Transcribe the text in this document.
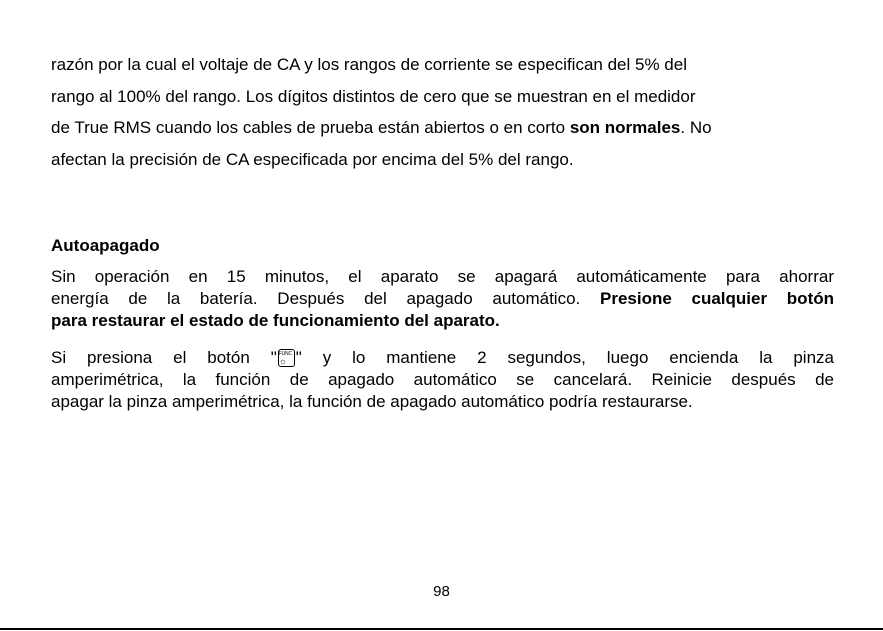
razón por la cual el voltaje de CA y los rangos de corriente se especifican del 5% del
rango al 100% del rango. Los dígitos distintos de cero que se muestran en el medidor
de True RMS cuando los cables de prueba están abiertos o en corto son normales. No
afectan la precisión de CA especificada por encima del 5% del rango.

Autoapagado

Sin operación en 15 minutos, el aparato se apagará automáticamente para ahorrar
energía de la batería. Después del apagado automático. Presione cualquier botón
para restaurar el estado de funcionamiento del aparato.

Si presiona el botón " FUNC
☼ " y lo mantiene 2 segundos, luego encienda la pinza
amperimétrica, la función de apagado automático se cancelará. Reinicie después de
apagar la pinza amperimétrica, la función de apagado automático podría restaurarse.

98
